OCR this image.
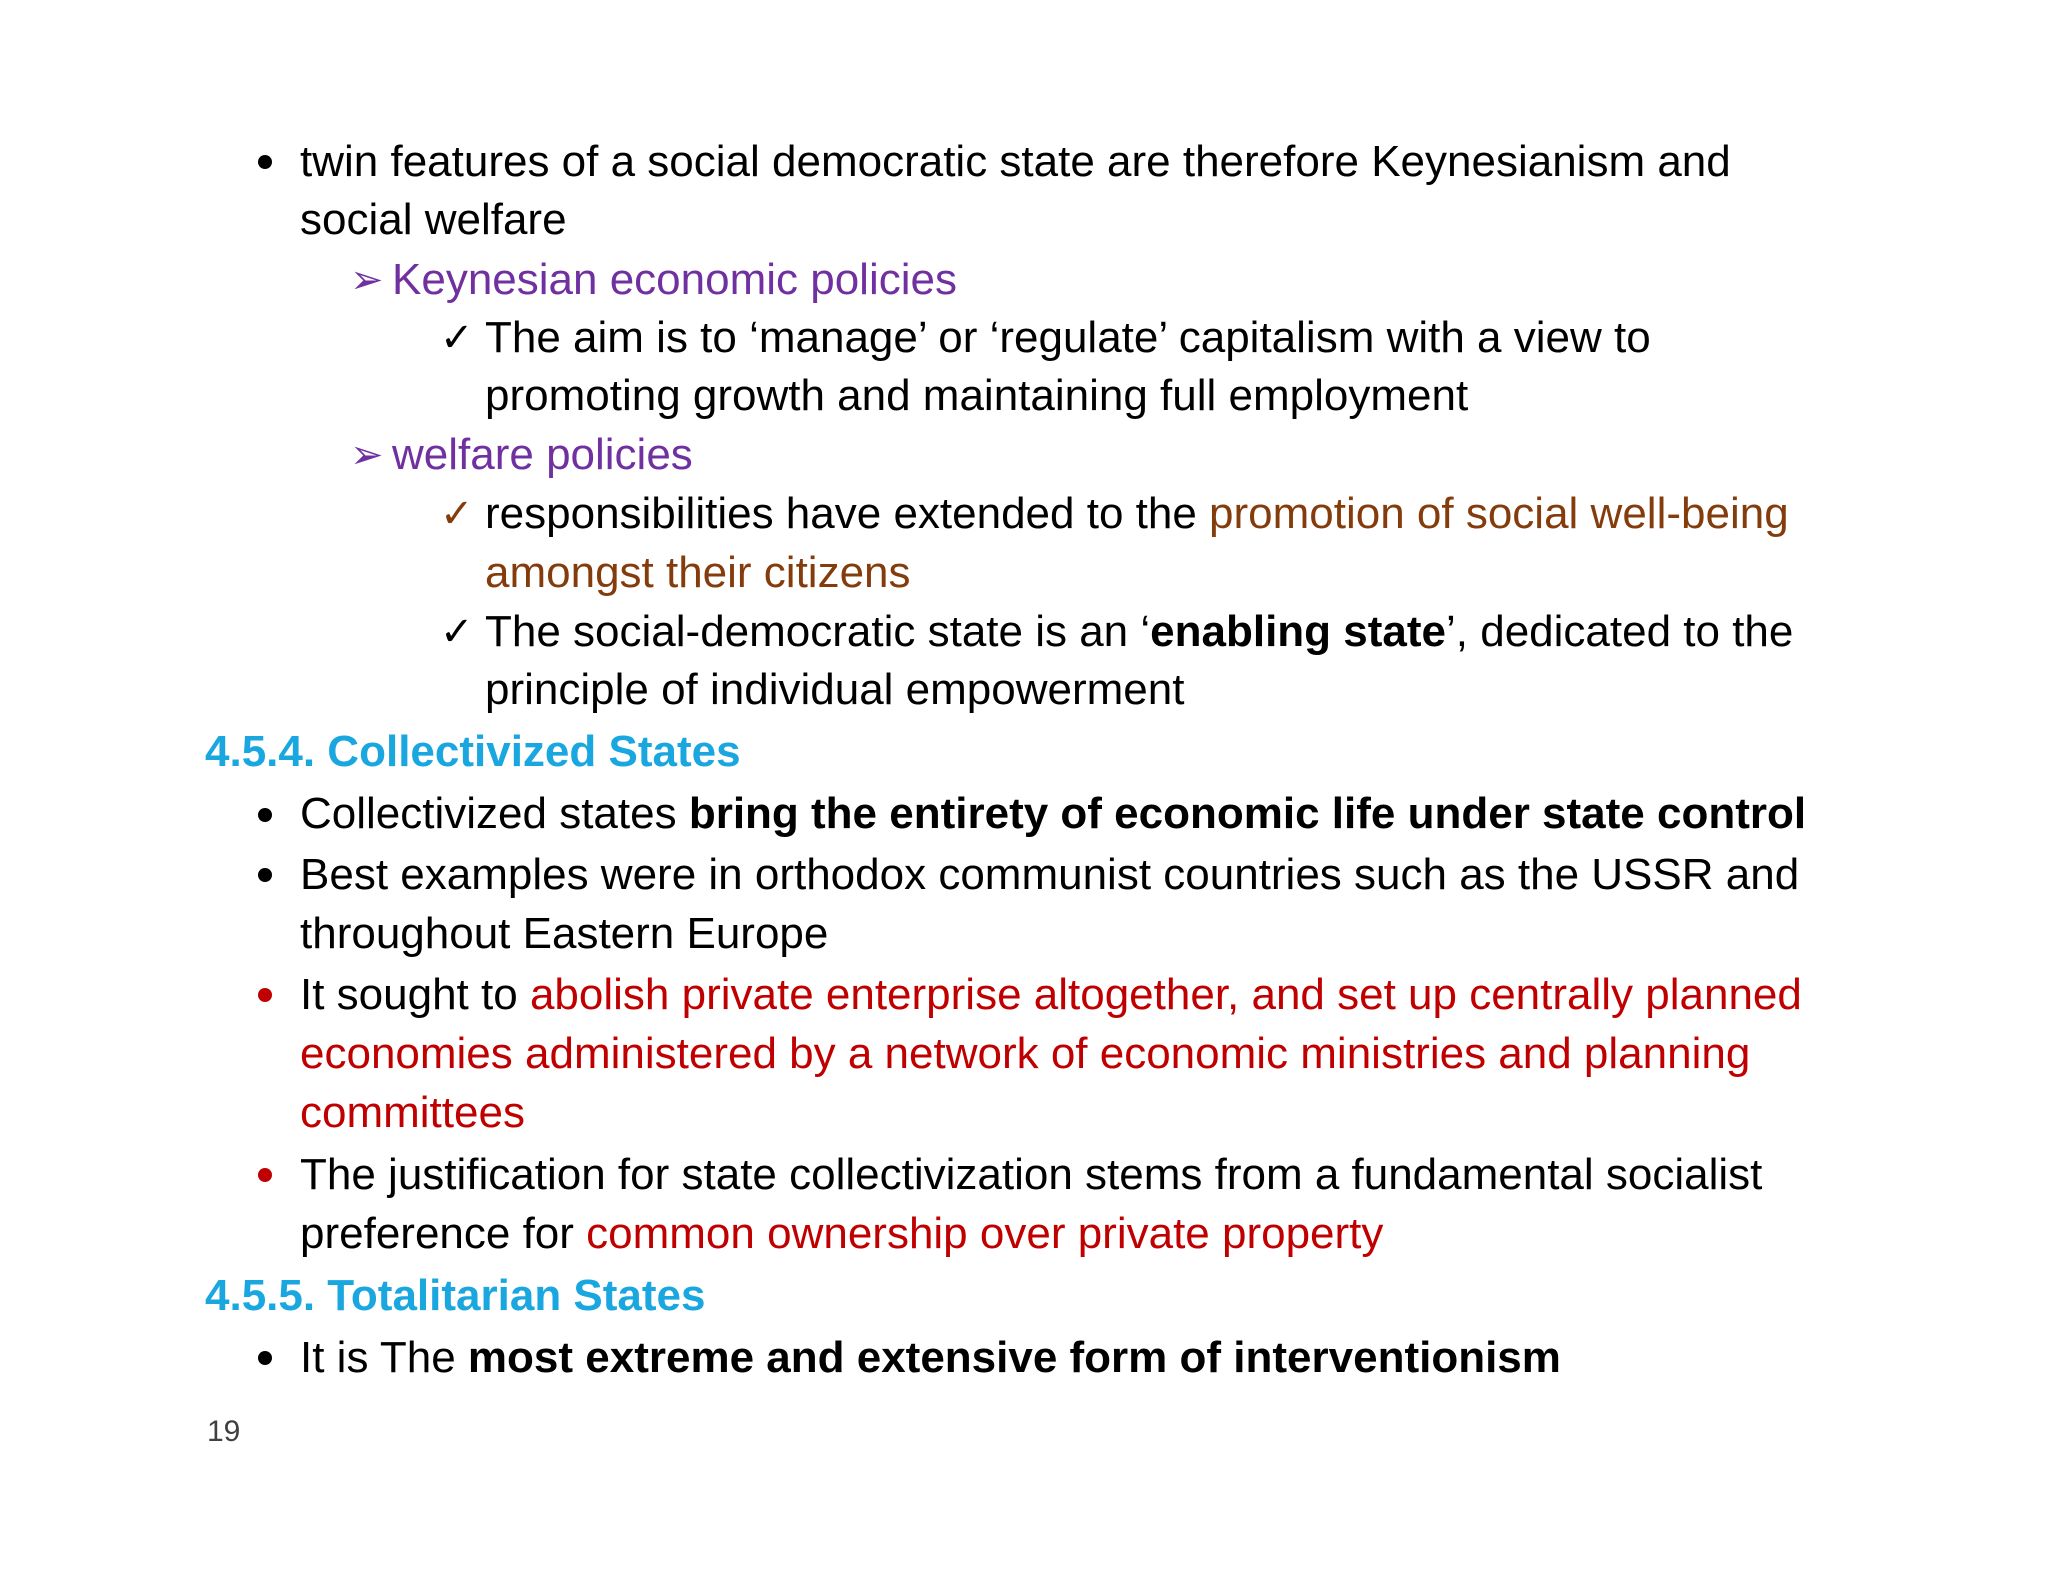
twin features of a social democratic state are therefore Keynesianism and
social welfare
➢ Keynesian economic policies
✓ The aim is to ‘manage’ or ‘regulate’ capitalism with a view to
promoting growth and maintaining full employment
➢ welfare policies
✓ responsibilities have extended to the promotion of social well-being
amongst their citizens
✓ The social-democratic state is an ‘enabling state’, dedicated to the
principle of individual empowerment
4.5.4. Collectivized States
Collectivized states bring the entirety of economic life under state control
Best examples were in orthodox communist countries such as the USSR and
throughout Eastern Europe
It sought to abolish private enterprise altogether, and set up centrally planned
economies administered by a network of economic ministries and planning
committees
The justification for state collectivization stems from a fundamental socialist
preference for common ownership over private property
4.5.5. Totalitarian States
It is The most extreme and extensive form of interventionism
19
